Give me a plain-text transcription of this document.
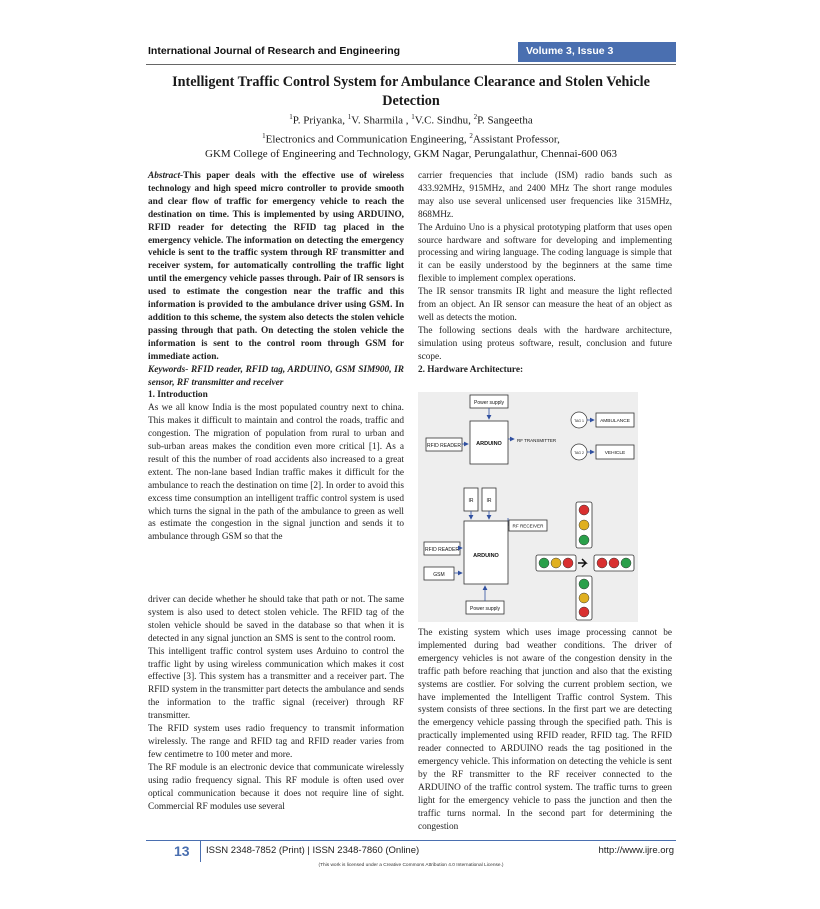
International Journal of Research and Engineering	Volume 3, Issue 3
Intelligent Traffic Control System for Ambulance Clearance and Stolen Vehicle Detection
$^1$P. Priyanka, $^1$V. Sharmila , $^1$V.C. Sindhu, $^2$P. Sangeetha
$^1$Electronics and Communication Engineering, $^2$Assistant Professor,
GKM College of Engineering and Technology, GKM Nagar, Perungalathur, Chennai-600 063

Abstract-This paper deals with the effective use of wireless technology and high speed micro controller to provide smooth and clear flow of traffic for emergency vehicle to reach the destination on time. This is implemented by using ARDUINO, RFID reader for detecting the RFID tag placed in the emergency vehicle. The information on detecting the emergency vehicle is sent to the traffic system through RF transmitter and receiver system, for automatically controlling the traffic light until the emergency vehicle passes through. Pair of IR sensors is used to estimate the congestion near the traffic and this information is provided to the ambulance driver using GSM. In addition to this scheme, the system also detects the stolen vehicle passing through that path. On detecting the stolen vehicle the information is sent to the control room through GSM for immediate action.

Keywords- RFID reader, RFID tag, ARDUINO, GSM SIM900, IR sensor, RF transmitter and receiver

1. Introduction

As we all know India is the most populated country next to china. This makes it difficult to maintain and control the roads, traffic and congestion. The migration of population from rural to urban and sub-urban areas makes the condition even more critical [1]. As a result of this the number of road accidents also increased to a great extent. The non-lane based Indian traffic makes it difficult for the ambulance to reach the destination on time [2]. In order to avoid this excess time consumption an intelligent traffic control system is used which turns the signal in the path of the ambulance to green as well as estimate the congestion in the signal junction and sends it to ambulance through GSM so that the

driver can decide whether he should take that path or not. The same system is also used to detect stolen vehicle. The RFID tag of the stolen vehicle should be saved in the database so that when it is detected in any signal junction an SMS is sent to the control room.

This intelligent traffic control system uses Arduino to control the traffic light by using wireless communication which makes it cost effective [3]. This system has a transmitter and a receiver part. The RFID system in the transmitter part detects the ambulance and sends the information to the traffic signal (receiver) through RF transmitter.

The RFID system uses radio frequency to transmit information wirelessly. The range and RFID tag and RFID reader varies from few centimetre to 100 meter and more.

The RF module is an electronic device that communicate wirelessly using radio frequency signal. This RF module is often used over optical communication because it does not require line of sight. Commercial RF modules use several

carrier frequencies that include (ISM) radio bands such as 433.92MHz, 915MHz, and 2400 MHz The short range modules may also use several unlicensed user frequencies like 315MHz, 868MHz.

The Arduino Uno is a physical prototyping platform that uses open source hardware and software for developing and implementing processing and wiring language. The coding language is simple that it can be easily understood by the beginners at the same time flexible to implement complex operations.

The IR sensor transmits IR light and measure the light reflected from an object. An IR sensor can measure the heat of an object as well as detects the motion.

The following sections deals with the hardware architecture, simulation using proteus software, result, conclusion and future scope.

2. Hardware Architecture:

Power supply
ARDUINO
RFID READER
RF TRANSMITTER
TAG 1	AMBULANCE
TAG 2	VEHICLE
IR	IR
RF RECEIVER
ARDUINO
RFID READER
GSM
Power supply

The existing system which uses image processing cannot be implemented during bad weather conditions. The driver of emergency vehicles is not aware of the congestion density in the traffic path before reaching that junction and also that the existing systems are costlier. For solving the current problem section, we have implemented the Intelligent Traffic control System. This system consists of three sections. In the first part we are detecting the emergency vehicle passing through the specified path. This is practically implemented using RFID reader, RFID tag. The RFID reader connected to ARDUINO reads the tag positioned in the emergency vehicle. This information on detecting the vehicle is sent by the RF transmitter to the RF receiver connected to the ARDUINO of the traffic control system. The traffic turns to green light for the emergency vehicle to pass the junction and then the traffic turns normal. In the second part for determining the congestion

13 ISSN 2348-7852 (Print) | ISSN 2348-7860 (Online)	http://www.ijre.org
(This work is licensed under a Creative Commons Attribution 4.0 International License.)
